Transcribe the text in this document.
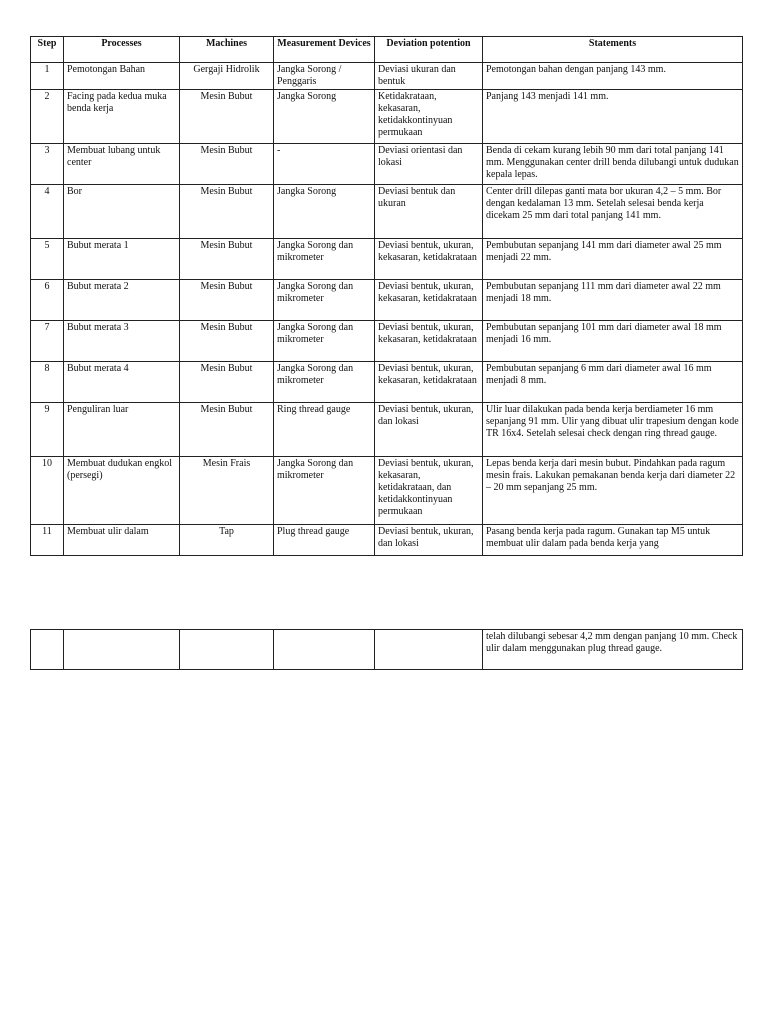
Step	Processes	Machines	Measurement Devices	Deviation potention	Statements
1	Pemotongan Bahan	Gergaji Hidrolik	Jangka Sorong / Penggaris	Deviasi ukuran dan bentuk	Pemotongan bahan dengan panjang 143 mm.
2	Facing pada kedua muka benda kerja	Mesin Bubut	Jangka Sorong	Ketidakrataan, kekasaran, ketidakkontinyuan permukaan	Panjang 143 menjadi 141 mm.
3	Membuat lubang untuk center	Mesin Bubut	-	Deviasi orientasi dan lokasi	Benda di cekam kurang lebih 90 mm dari total panjang 141 mm. Menggunakan center drill benda dilubangi untuk dudukan kepala lepas.
4	Bor	Mesin Bubut	Jangka Sorong	Deviasi bentuk dan ukuran	Center drill dilepas ganti mata bor ukuran 4,2 – 5 mm. Bor dengan kedalaman 13 mm. Setelah selesai benda kerja dicekam 25 mm dari total panjang 141 mm.
5	Bubut merata 1	Mesin Bubut	Jangka Sorong dan mikrometer	Deviasi bentuk, ukuran, kekasaran, ketidakrataan	Pembubutan sepanjang 141 mm dari diameter awal 25 mm menjadi 22 mm.
6	Bubut merata 2	Mesin Bubut	Jangka Sorong dan mikrometer	Deviasi bentuk, ukuran, kekasaran, ketidakrataan	Pembubutan sepanjang 111 mm dari diameter awal 22 mm menjadi 18 mm.
7	Bubut merata 3	Mesin Bubut	Jangka Sorong dan mikrometer	Deviasi bentuk, ukuran, kekasaran, ketidakrataan	Pembubutan sepanjang 101 mm dari diameter awal 18 mm menjadi 16 mm.
8	Bubut merata 4	Mesin Bubut	Jangka Sorong dan mikrometer	Deviasi bentuk, ukuran, kekasaran, ketidakrataan	Pembubutan sepanjang 6 mm dari diameter awal 16 mm menjadi 8 mm.
9	Penguliran luar	Mesin Bubut	Ring thread gauge	Deviasi bentuk, ukuran, dan lokasi	Ulir luar dilakukan pada benda kerja berdiameter 16 mm sepanjang 91 mm. Ulir yang dibuat ulir trapesium dengan kode TR 16x4. Setelah selesai check dengan ring thread gauge.
10	Membuat dudukan engkol (persegi)	Mesin Frais	Jangka Sorong dan mikrometer	Deviasi bentuk, ukuran, kekasaran, ketidakrataan, dan ketidakkontinyuan permukaan	Lepas benda kerja dari mesin bubut. Pindahkan pada ragum mesin frais. Lakukan pemakanan benda kerja dari diameter 22 – 20 mm sepanjang 25 mm.
11	Membuat ulir dalam	Tap	Plug thread gauge	Deviasi bentuk, ukuran, dan lokasi	Pasang benda kerja pada ragum. Gunakan tap M5 untuk membuat ulir dalam pada benda kerja yang
					telah dilubangi sebesar 4,2 mm dengan panjang 10 mm. Check ulir dalam menggunakan plug thread gauge.
